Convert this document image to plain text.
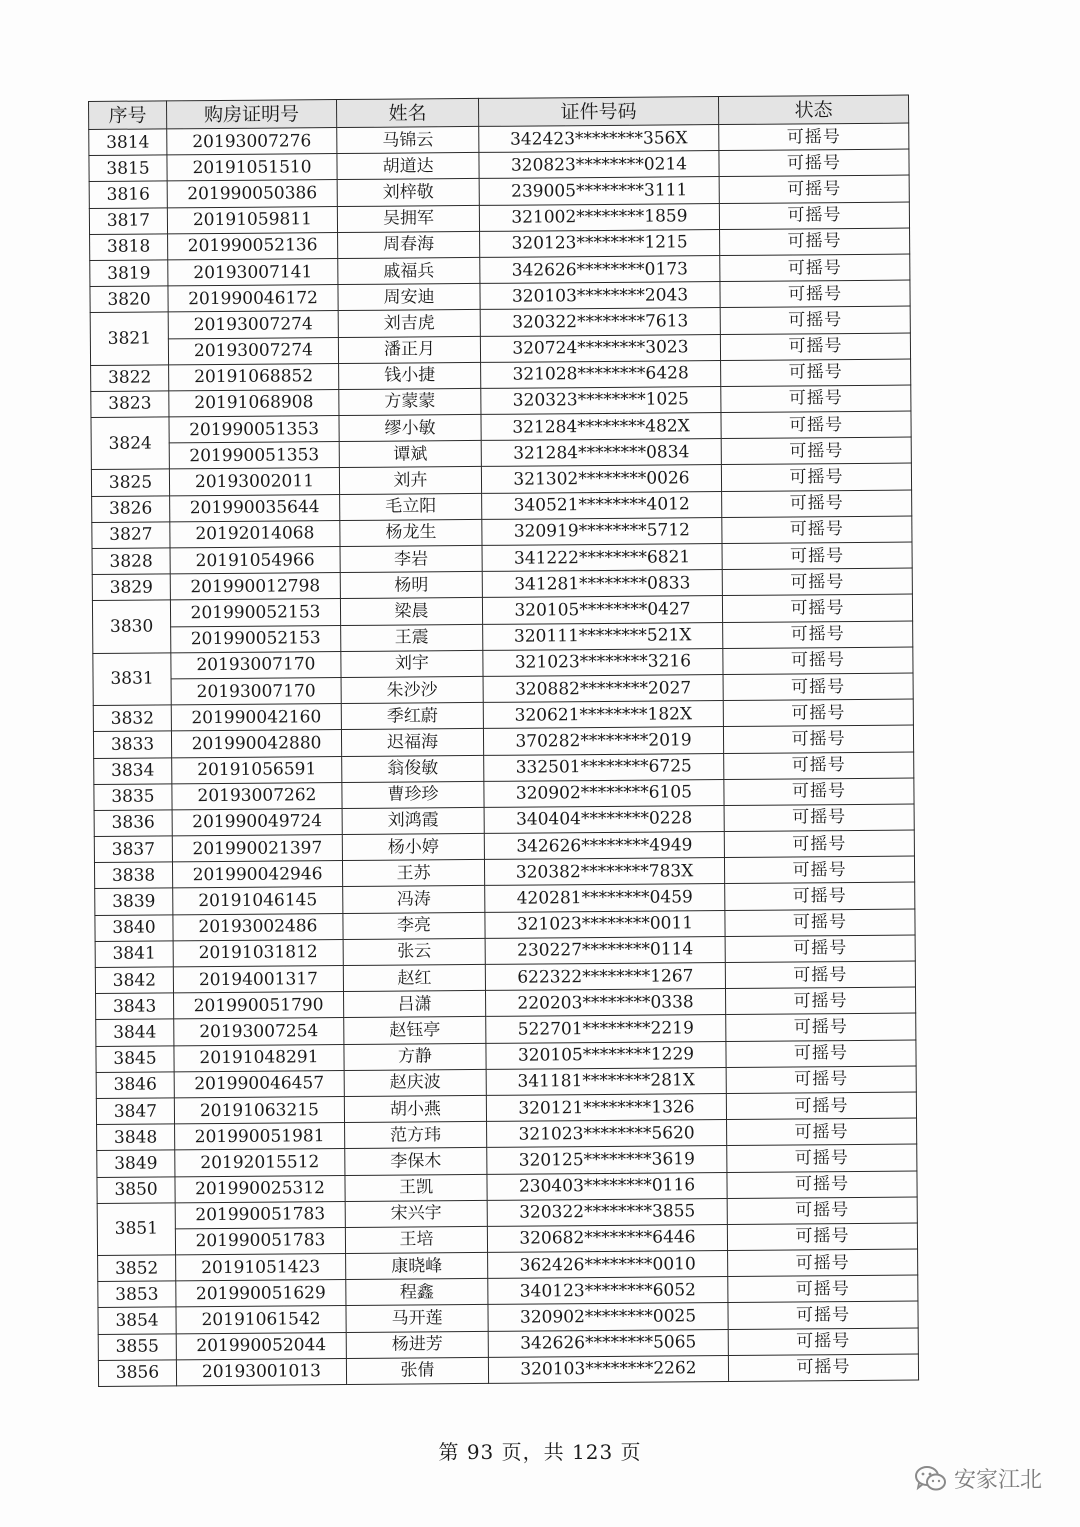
序号	购房证明号	姓名	证件号码	状态
3814	20193007276	马锦云	342423********356X	可摇号
3815	20191051510	胡道达	320823********0214	可摇号
3816	201990050386	刘梓敬	239005********3111	可摇号
3817	20191059811	吴拥军	321002********1859	可摇号
3818	201990052136	周春海	320123********1215	可摇号
3819	20193007141	戚福兵	342626********0173	可摇号
3820	201990046172	周安迪	320103********2043	可摇号
3821	20193007274	刘吉虎	320322********7613	可摇号
	20193007274	潘正月	320724********3023	可摇号
3822	20191068852	钱小捷	321028********6428	可摇号
3823	20191068908	方蒙蒙	320323********1025	可摇号
3824	201990051353	缪小敏	321284********482X	可摇号
	201990051353	谭斌	321284********0834	可摇号
3825	20193002011	刘卉	321302********0026	可摇号
3826	201990035644	毛立阳	340521********4012	可摇号
3827	20192014068	杨龙生	320919********5712	可摇号
3828	20191054966	李岩	341222********6821	可摇号
3829	201990012798	杨明	341281********0833	可摇号
3830	201990052153	梁晨	320105********0427	可摇号
	201990052153	王震	320111********521X	可摇号
3831	20193007170	刘宇	321023********3216	可摇号
	20193007170	朱沙沙	320882********2027	可摇号
3832	201990042160	季红蔚	320621********182X	可摇号
3833	201990042880	迟福海	370282********2019	可摇号
3834	20191056591	翁俊敏	332501********6725	可摇号
3835	20193007262	曹珍珍	320902********6105	可摇号
3836	201990049724	刘鸿霞	340404********0228	可摇号
3837	201990021397	杨小婷	342626********4949	可摇号
3838	201990042946	王苏	320382********783X	可摇号
3839	20191046145	冯涛	420281********0459	可摇号
3840	20193002486	李亮	321023********0011	可摇号
3841	20191031812	张云	230227********0114	可摇号
3842	20194001317	赵红	622322********1267	可摇号
3843	201990051790	吕潇	220203********0338	可摇号
3844	20193007254	赵钰亭	522701********2219	可摇号
3845	20191048291	方静	320105********1229	可摇号
3846	201990046457	赵庆波	341181********281X	可摇号
3847	20191063215	胡小燕	320121********1326	可摇号
3848	201990051981	范方玮	321023********5620	可摇号
3849	20192015512	李保木	320125********3619	可摇号
3850	201990025312	王凯	230403********0116	可摇号
3851	201990051783	宋兴宇	320322********3855	可摇号
	201990051783	王培	320682********6446	可摇号
3852	20191051423	康晓峰	362426********0010	可摇号
3853	201990051629	程鑫	340123********6052	可摇号
3854	20191061542	马开莲	320902********0025	可摇号
3855	201990052044	杨进芳	342626********5065	可摇号
3856	20193001013	张倩	320103********2262	可摇号
第 93 页，共 123 页
安家江北
